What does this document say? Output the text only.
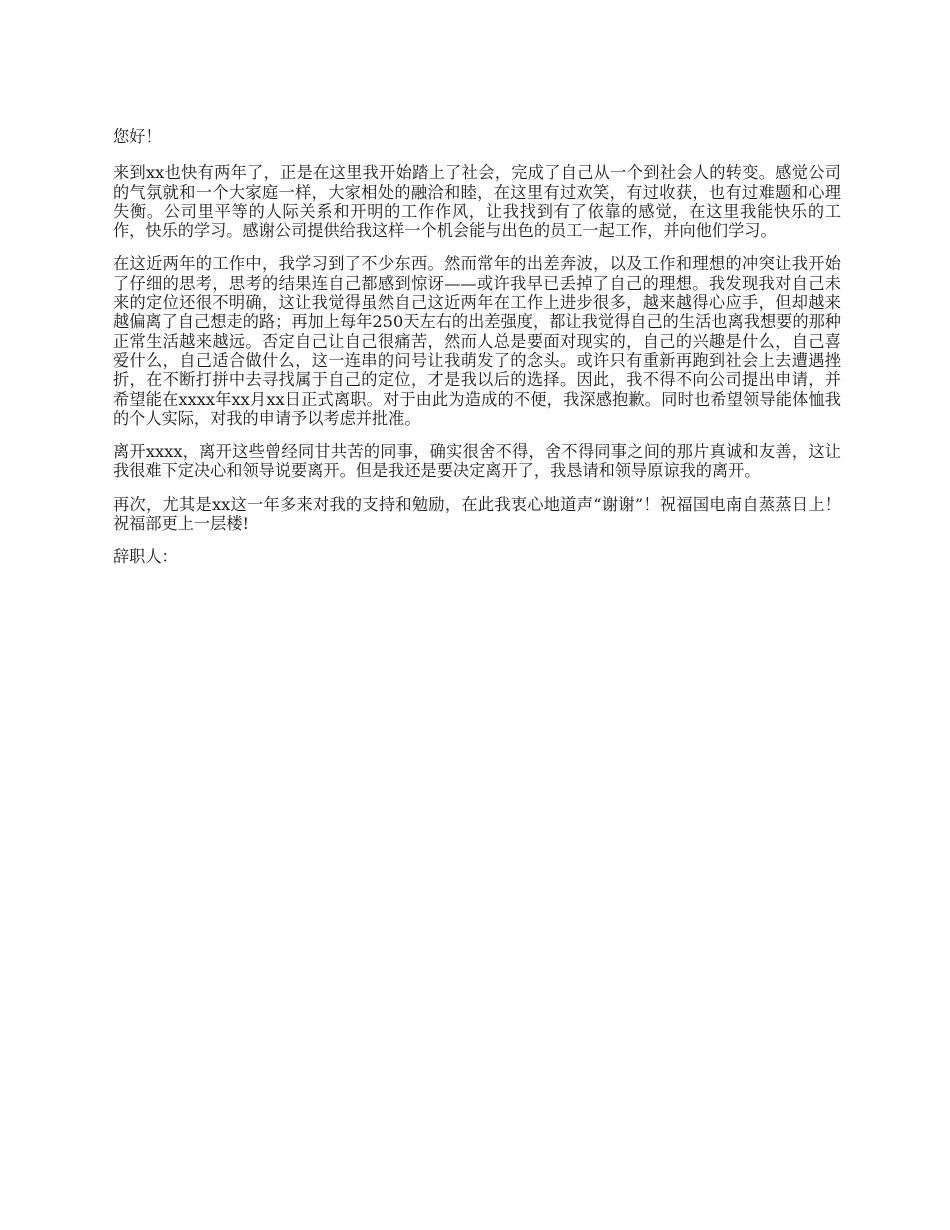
您好！

来到xx也快有两年了，正是在这里我开始踏上了社会，完成了自己从一个到社会人的转变。感觉公司的气氛就和一个大家庭一样，大家相处的融洽和睦，在这里有过欢笑，有过收获，也有过难题和心理失衡。公司里平等的人际关系和开明的工作作风，让我找到有了依靠的感觉，在这里我能快乐的工作，快乐的学习。感谢公司提供给我这样一个机会能与出色的员工一起工作，并向他们学习。

在这近两年的工作中，我学习到了不少东西。然而常年的出差奔波，以及工作和理想的冲突让我开始了仔细的思考，思考的结果连自己都感到惊讶——或许我早已丢掉了自己的理想。我发现我对自己未来的定位还很不明确，这让我觉得虽然自己这近两年在工作上进步很多，越来越得心应手，但却越来越偏离了自己想走的路；再加上每年250天左右的出差强度，都让我觉得自己的生活也离我想要的那种正常生活越来越远。否定自己让自己很痛苦，然而人总是要面对现实的，自己的兴趣是什么，自己喜爱什么，自己适合做什么，这一连串的问号让我萌发了的念头。或许只有重新再跑到社会上去遭遇挫折，在不断打拼中去寻找属于自己的定位，才是我以后的选择。因此，我不得不向公司提出申请，并希望能在xxxx年xx月xx日正式离职。对于由此为造成的不便，我深感抱歉。同时也希望领导能体恤我的个人实际，对我的申请予以考虑并批准。

离开xxxx，离开这些曾经同甘共苦的同事，确实很舍不得，舍不得同事之间的那片真诚和友善，这让我很难下定决心和领导说要离开。但是我还是要决定离开了，我恳请和领导原谅我的离开。

再次，尤其是xx这一年多来对我的支持和勉励，在此我衷心地道声“谢谢”！祝福国电南自蒸蒸日上！祝福部更上一层楼!

辞职人：
